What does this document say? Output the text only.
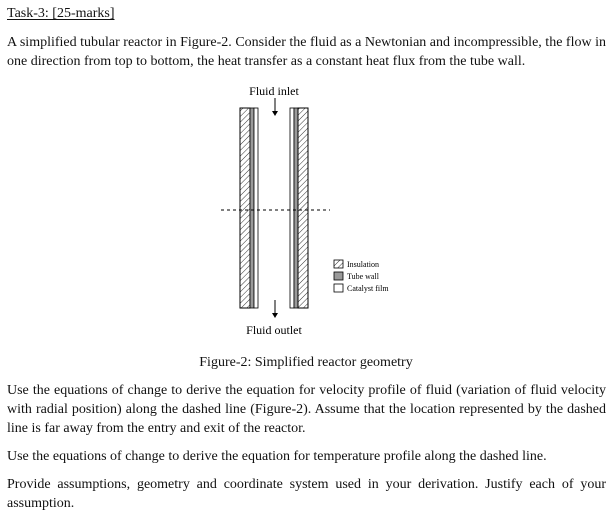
Task-3: [25-marks]

A simplified tubular reactor in Figure-2. Consider the fluid as a Newtonian and incompressible, the flow in one direction from top to bottom, the heat transfer as a constant heat flux from the tube wall.

Fluid inlet
Fluid outlet
Insulation
Tube wall
Catalyst film
Figure-2: Simplified reactor geometry

Use the equations of change to derive the equation for velocity profile of fluid (variation of fluid velocity with radial position) along the dashed line (Figure-2). Assume that the location represented by the dashed line is far away from the entry and exit of the reactor.

Use the equations of change to derive the equation for temperature profile along the dashed line.

Provide assumptions, geometry and coordinate system used in your derivation. Justify each of your assumption.
